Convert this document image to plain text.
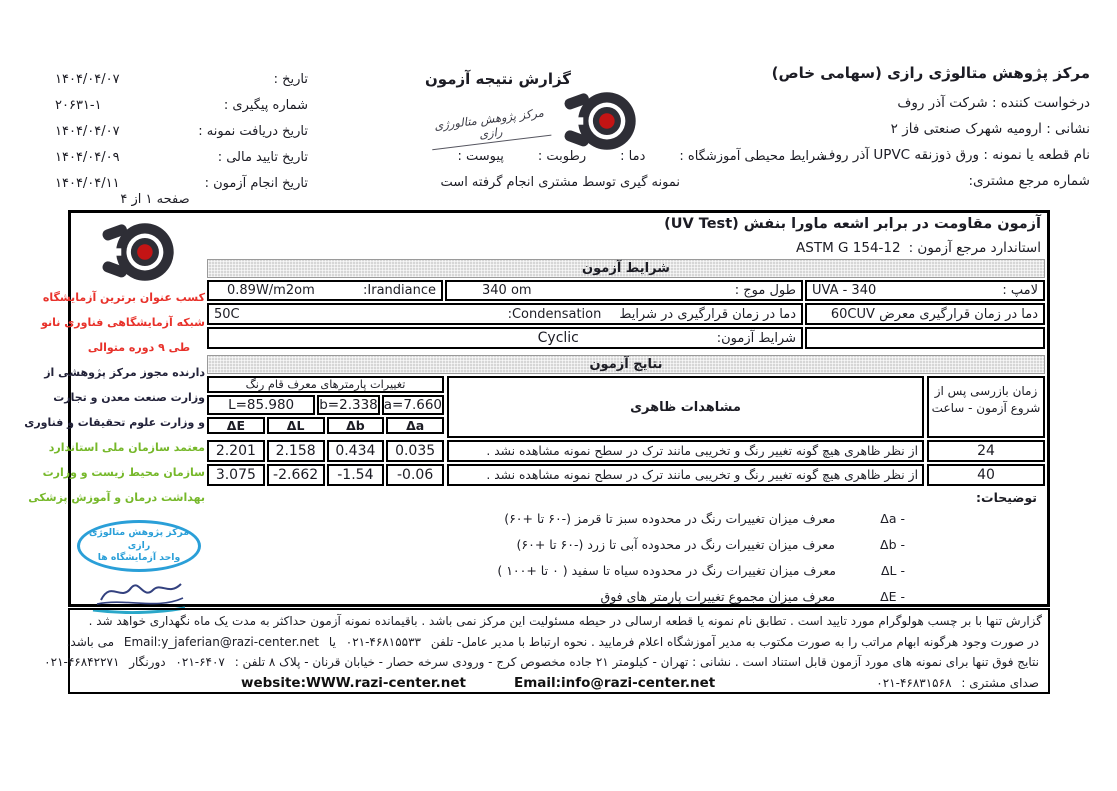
مرکز پژوهش متالوژی رازی (سهامی خاص)
درخواست کننده : شرکت آذر روف
نشانی : ارومیه شهرک صنعتی فاز ۲
نام قطعه یا نمونه : ورق ذوزنقه UPVC آذر روف
شماره مرجع مشتری:
گزارش نتیجه آزمون
مرکز پژوهش متالورژی رازی
شرایط محیطی آموزشگاه :
دما :
رطوبت :
پیوست :
نمونه گیری توسط مشتری انجام گرفته است
تاریخ :
۱۴۰۴/۰۴/۰۷
شماره پیگیری :
۲۰۶۳۱-۱
تاریخ دریافت نمونه :
۱۴۰۴/۰۴/۰۷
تاریخ تایید مالی :
۱۴۰۴/۰۴/۰۹
تاریخ انجام آزمون :
۱۴۰۴/۰۴/۱۱
صفحه ۱ از ۴
کسب عنوان برترین آزمایشگاه
شبکه آزمایشگاهی فناوری نانو
طی ۹ دوره متوالی
دارنده مجوز مرکز پژوهشی از
وزارت صنعت معدن و تجارت
و وزارت علوم تحقیقات و فناوری
معتمد سازمان ملی استاندارد
سازمان محیط زیست و وزارت
بهداشت درمان و آموزش پزشکی
مرکز پژوهش متالوژی رازی
واحد آزمایشگاه ها
آزمون مقاومت در برابر اشعه ماورا بنفش (UV Test)
استاندارد مرجع آزمون :
ASTM G 154-12
شرایط آزمون
لامپ :
UVA - 340
طول موج :
340 om
:Irandiance
0.89W/m2om
دما در زمان قرارگیری معرض UV
60C
دما در زمان قرارگیری در شرایط
:Condensation
50C
شرایط آزمون:
Cyclic
نتایج آزمون
زمان بازرسی پس از شروع آزمون - ساعت
24
40
مشاهدات ظاهری
از نظر ظاهری هیچ گونه تغییر رنگ و تخریبی مانند ترک در سطح نمونه مشاهده نشد .
از نظر ظاهری هیچ گونه تغییر رنگ و تخریبی مانند ترک در سطح نمونه مشاهده نشد .
تغییرات پارمترهای معرف قام رنگ
a=7.660
b=2.338
L=85.980
Δa
Δb
ΔL
ΔE
0.035
0.434
2.158
2.201
-0.06
-1.54
-2.662
3.075
توضیحات:
- Δa
معرف میزان تغییرات رنگ در محدوده سبز تا قرمز (-۶۰ تا +۶۰)
- Δb
معرف میزان تغییرات رنگ در محدوده آبی تا زرد (-۶۰ تا +۶۰)
- ΔL
معرف میزان تغییرات رنگ در محدوده سیاه تا سفید ( ۰ تا +۱۰۰ )
- ΔE
معرف میزان مجموع تغییرات پارمتر های فوق
گزارش تنها با بر چسب هولوگرام مورد تایید است . تطابق نام نمونه یا قطعه ارسالی در حیطه مسئولیت این مرکز نمی باشد . باقیمانده نمونه آزمون حداکثر به مدت یک ماه نگهداری خواهد شد .
در صورت وجود هرگونه ابهام مراتب را به صورت مکتوب به مدیر آموزشگاه اعلام فرمایید . نحوه ارتباط با مدیر عامل- تلفن ۰۲۱-۴۶۸۱۵۵۳۳ یا Email:y_jaferian@razi-center.net می باشد.
نتایج فوق تنها برای نمونه های مورد آزمون قابل استناد است . نشانی : تهران - کیلومتر ۲۱ جاده مخصوص کرج - ورودی سرخه حصار - خیابان قرنان - پلاک ۸ تلفن : ۰۲۱-۶۴۰۷ دورنگار ۰۲۱-۴۶۸۴۲۲۷۱
صدای مشتری : ۰۲۱-۴۶۸۳۱۵۶۸
website:WWW.razi-center.net	Email:info@razi-center.net
